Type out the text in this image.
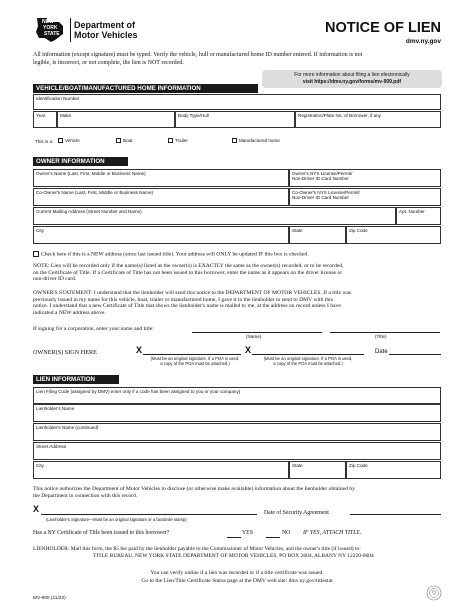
NEW
YORK
STATE
Department of
Motor Vehicles	NOTICE OF LIEN
dmv.ny.gov
All information (except signature) must be typed. Verify the vehicle, hull or manufactured home ID number entered. If information is not
legible, is incorrect, or not complete, the lien is NOT recorded.
For more information about filing a lien electronically
visit https://dmv.ny.gov/forms/mv-909.pdf
VEHICLE/BOAT/MANUFACTURED HOME INFORMATION
Identification Number
Year	Make	Body Type/Hull	Registration/Plate No. of Borrower, if any
This is a:	Vehicle	Boat	Trailer	Manufactured home
OWNER INFORMATION
Owner's Name (Last, First, Middle or Business Name)	Owner's NYS License/Permit/
Non-Driver ID Card Number
Co-Owner's Name (Last, First, Middle or Business Name)	Co-Owner's NYS License/Permit/
Non-Driver ID Card Number
Current Mailing Address (Street Number and Name)	Apt. Number
City	State	Zip Code
Check here if this is a NEW address (since last issued title). Your address will ONLY be updated IF this box is checked.
NOTE: Lien will be recorded only if the name(s) listed as the owner(s) is EXACTLY the same as the owner(s) recorded, or to be recorded,
on the Certificate of Title. If a Certificate of Title has not been issued to this borrower, enter the name as it appears on the driver license or
non-driver ID card.
OWNER'S STATEMENT: I understand that the lienholder will send this notice to the DEPARTMENT OF MOTOR VEHICLES. If a title was
previously issued in my name for this vehicle, boat, trailer or manufactured home, I gave it to the lienholder to send to DMV with this
notice. I understand that a new Certificate of Title that shows the lienholder's name is mailed to me, at the address on record unless I have
indicated a NEW address above.
If signing for a corporation, enter your name and title:
(Name)	(Title)
OWNER(S) SIGN HERE	X	X	Date
(Must be an original signature. If a POA is used,
a copy of the POA must be attached.)
(Must be an original signature. If a POA is used,
a copy of the POA must be attached.)
LIEN INFORMATION
Lien Filing Code (assigned by DMV) enter only if a code has been assigned to you or your company)
Lienholder's Name
Lienholder's Name (continued)
Street Address
City	State	Zip Code
This notice authorizes the Department of Motor Vehicles to disclose (or otherwise make available) information about the lienholder obtained by
the Department in connection with this record.
X	Date of Security Agreement
(Lienholder's Signature—Must be an original signature or a facsimile stamp)
Has a NY Certificate of Title been issued to this borrower?	YES	NO IF YES, ATTACH TITLE.
LIENHOLDER: Mail this form, the $5 fee paid by the lienholder payable to the Commissioner of Motor Vehicles, and the owner's title (if issued) to:
TITLE BUREAU, NEW YORK STATE DEPARTMENT OF MOTOR VEHICLES, PO BOX 2604, ALBANY NY 12220-0604
You can verify online if a lien was recorded or if a title certificate was issued.
Go to the Lien/Title Certificate Status page at the DMV web site: dmv.ny.gov/titlestat
MV-900 (11/22)
